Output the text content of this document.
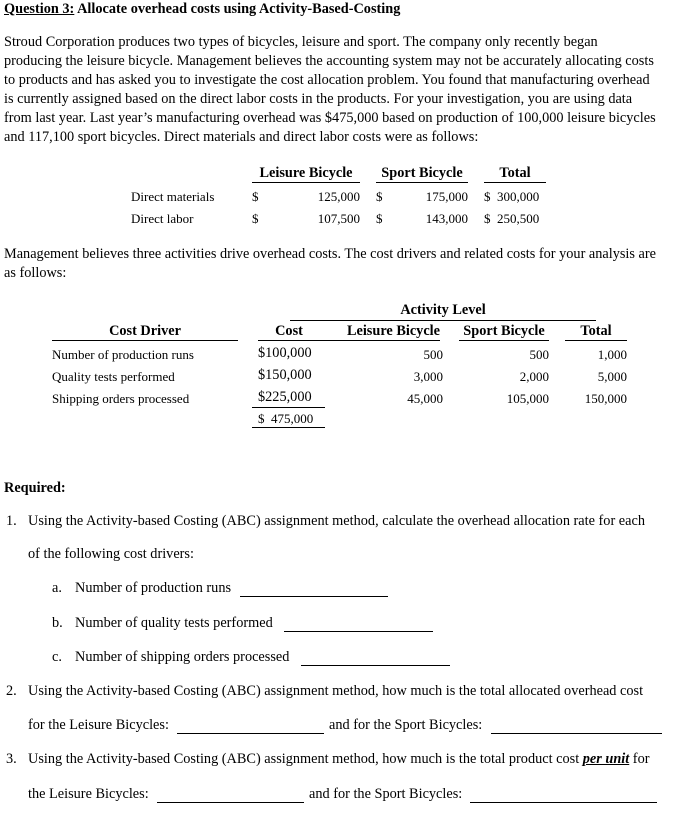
Question 3: Allocate overhead costs using Activity-Based-Costing
Stroud Corporation produces two types of bicycles, leisure and sport. The company only recently began
producing the leisure bicycle. Management believes the accounting system may not be accurately allocating costs
to products and has asked you to investigate the cost allocation problem. You found that manufacturing overhead
is currently assigned based on the direct labor costs in the products. For your investigation, you are using data
from last year. Last year’s manufacturing overhead was $475,000 based on production of 100,000 leisure bicycles
and 117,100 sport bicycles. Direct materials and direct labor costs were as follows:
Leisure Bicycle	Sport Bicycle	Total
Direct materials	$	125,000 $	175,000 $  300,000
Direct labor	$	107,500 $	143,000 $  250,500
Management believes three activities drive overhead costs. The cost drivers and related costs for your analysis are
as follows:
Activity Level
Cost Driver	Cost	Leisure Bicycle	Sport Bicycle	Total
Number of production runs	$100,000	500	500	1,000
Quality tests performed	$150,000	3,000	2,000	5,000
Shipping orders processed	$225,000	45,000	105,000	150,000
$  475,000
Required:
1. Using the Activity-based Costing (ABC) assignment method, calculate the overhead allocation rate for each
of the following cost drivers:
a. Number of production runs
b. Number of quality tests performed
c. Number of shipping orders processed
2. Using the Activity-based Costing (ABC) assignment method, how much is the total allocated overhead cost
for the Leisure Bicycles:	and for the Sport Bicycles:
3. Using the Activity-based Costing (ABC) assignment method, how much is the total product cost per unit for
the Leisure Bicycles:	and for the Sport Bicycles:
